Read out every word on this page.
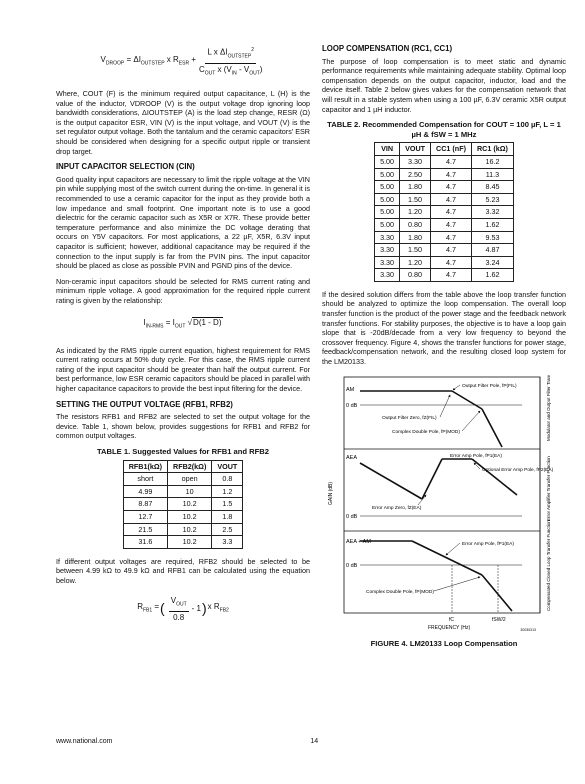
$V_{DROOP} = \Delta I_{OUTSTEP}$ x $R_{ESR} + \frac{L x \Delta I_{OUTSTEP}^2}{C_{OUT} x (V_{IN} - V_{OUT})}$

Where, COUT (F) is the minimum required output capacitance, L (H) is the value of the inductor, VDROOP (V) is the output voltage drop ignoring loop bandwidth considerations, ΔIOUTSTEP (A) is the load step change, RESR (Ω) is the output capacitor ESR, VIN (V) is the input voltage, and VOUT (V) is the set regulator output voltage. Both the tantalum and the ceramic capacitors' ESR should be considered when designing for a specific output ripple or transient drop target.

INPUT CAPACITOR SELECTION (CIN)

Good quality input capacitors are necessary to limit the ripple voltage at the VIN pin while supplying most of the switch current during the on-time. In general it is recommended to use a ceramic capacitor for the input as they provide both a low impedance and small footprint. One important note is to use a good dielectric for the ceramic capacitor such as X5R or X7R. These provide better temperature performance and also minimize the DC voltage derating that occurs on Y5V capacitors. For most applications, a 22 µF, X5R, 6.3V input capacitor is sufficient; however, additional capacitance may be required if the connection to the input supply is far from the PVIN pins. The input capacitor should be placed as close as possible PVIN and PGND pins of the device.

Non-ceramic input capacitors should be selected for RMS current rating and minimum ripple voltage. A good approximation for the required ripple current rating is given by the relationship:

$I_{IN-RMS} = I_{OUT}$ √D(1 - D)

As indicated by the RMS ripple current equation, highest requirement for RMS current rating occurs at 50% duty cycle. For this case, the RMS ripple current rating of the input capacitor should be greater than half the output current. For best performance, low ESR ceramic capacitors should be placed in parallel with higher capacitance capacitors to provide the best input filtering for the device.

SETTING THE OUTPUT VOLTAGE (RFB1, RFB2)

The resistors RFB1 and RFB2 are selected to set the output voltage for the device. Table 1, shown below, provides suggestions for RFB1 and RFB2 for common output voltages.

TABLE 1. Suggested Values for RFB1 and RFB2
RFB1(kΩ)	RFB2(kΩ)	VOUT
short	open	0.8
4.99	10	1.2
8.87	10.2	1.5
12.7	10.2	1.8
21.5	10.2	2.5
31.6	10.2	3.3

If different output voltages are required, RFB2 should be selected to be between 4.99 kΩ to 49.9 kΩ and RFB1 can be calculated using the equation below.

$R_{FB1}$ = ( $\frac{V_{OUT}}{0.8} - 1$ ) x $R_{FB2}$
LOOP COMPENSATION (RC1, CC1)

The purpose of loop compensation is to meet static and dynamic performance requirements while maintaining adequate stability. Optimal loop compensation depends on the output capacitor, inductor, load and the device itself. Table 2 below gives values for the compensation network that will result in a stable system when using a 100 µF, 6.3V ceramic X5R output capacitor and 1 µH inductor.

TABLE 2. Recommended Compensation for COUT = 100 µF, L = 1 µH & fSW = 1 MHz
VIN	VOUT	CC1 (nF)	RC1 (kΩ)
5.00	3.30	4.7	16.2
5.00	2.50	4.7	11.3
5.00	1.80	4.7	8.45
5.00	1.50	4.7	5.23
5.00	1.20	4.7	3.32
5.00	0.80	4.7	1.62
3.30	1.80	4.7	9.53
3.30	1.50	4.7	4.87
3.30	1.20	4.7	3.24
3.30	0.80	4.7	1.62

If the desired solution differs from the table above the loop transfer function should be analyzed to optimize the loop compensation. The overall loop transfer function is the product of the power stage and the feedback network transfer functions. For stability purposes, the objective is to have a loop gain slope that is -20dB/decade from a very low frequency to beyond the crossover frequency. Figure 4, shows the transfer functions for power stage, feedback/compensation network, and the resulting closed loop system for the LM20133.

AM
0 dB
Output Filter Pole, fP(FIL)
Output Filter Zero, fZ(FIL)
Complex Double Pole, fP(MOD)
AEA
0 dB
Error Amp Pole, fP1(EA)
Optional Error Amp Pole, fP2(EA)
Error Amp Zero, fZ(EA)
AEA + AM
0 dB
Error Amp Pole, fP1(EA)
Complex Double Pole, fP(MOD)
fC	fSW/2
FREQUENCY (Hz)
GAIN (dB)
Modulator and Output Filter Transfer Function
Error Amplifier Transfer Function
Compensated Closed Loop Transfer Function
30030313
FIGURE 4. LM20133 Loop Compensation
www.national.com	14
